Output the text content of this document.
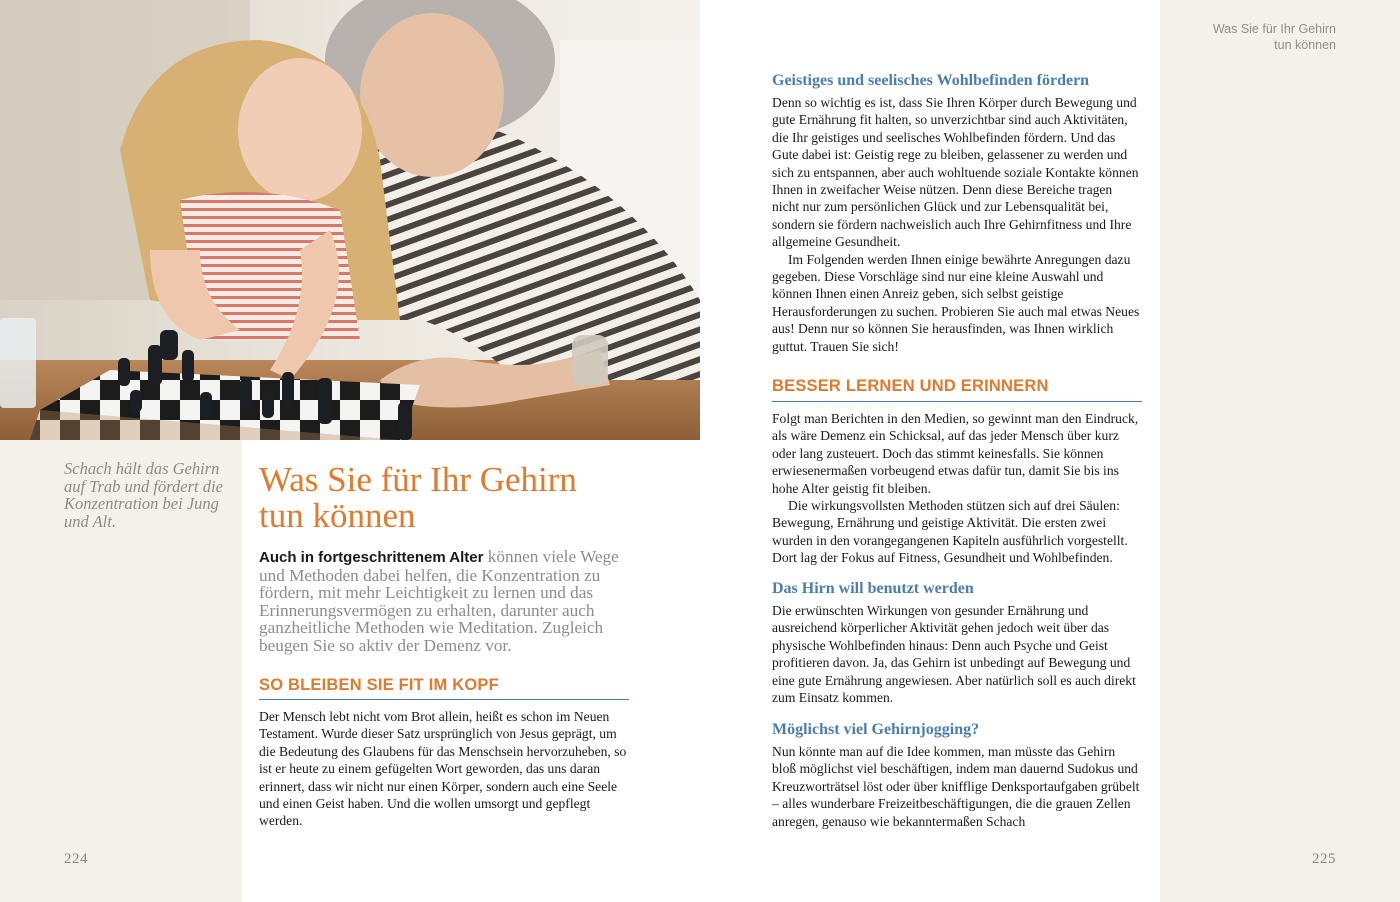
Schach hält das Gehirn auf Trab und fördert die Konzentration bei Jung und Alt.
Was Sie für Ihr Gehirn
tun können
Auch in fortgeschrittenem Alter können viele Wege und Methoden dabei helfen, die Konzentration zu fördern, mit mehr Leichtigkeit zu lernen und das Erinnerungsvermögen zu erhalten, darunter auch ganzheitliche Methoden wie Meditation. Zugleich beugen Sie so aktiv der Demenz vor.
SO BLEIBEN SIE FIT IM KOPF

Der Mensch lebt nicht vom Brot allein, heißt es schon im Neuen Testament. Wurde dieser Satz ursprünglich von Jesus geprägt, um die Bedeutung des Glaubens für das Menschsein hervorzuheben, so ist er heute zu einem gefügelten Wort geworden, das uns daran erinnert, dass wir nicht nur einen Körper, sondern auch eine Seele und einen Geist haben. Und die wollen umsorgt und gepflegt werden.

224
Was Sie für Ihr Gehirn
tun können
Geistiges und seelisches Wohlbefinden fördern

Denn so wichtig es ist, dass Sie Ihren Körper durch Bewegung und gute Ernährung fit halten, so unverzichtbar sind auch Aktivitäten, die Ihr geistiges und seelisches Wohlbefinden fördern. Und das Gute dabei ist: Geistig rege zu bleiben, gelassener zu werden und sich zu entspannen, aber auch wohltuende soziale Kontakte können Ihnen in zweifacher Weise nützen. Denn diese Bereiche tragen nicht nur zum persönlichen Glück und zur Lebensqualität bei, sondern sie fördern nachweislich auch Ihre Gehirnfitness und Ihre allgemeine Gesundheit.

Im Folgenden werden Ihnen einige bewährte Anregungen dazu gegeben. Diese Vorschläge sind nur eine kleine Auswahl und können Ihnen einen Anreiz geben, sich selbst geistige Herausforderungen zu suchen. Probieren Sie auch mal etwas Neues aus! Denn nur so können Sie herausfinden, was Ihnen wirklich guttut. Trauen Sie sich!

BESSER LERNEN UND ERINNERN

Folgt man Berichten in den Medien, so gewinnt man den Eindruck, als wäre Demenz ein Schicksal, auf das jeder Mensch über kurz oder lang zusteuert. Doch das stimmt keinesfalls. Sie können erwiesenermaßen vorbeugend etwas dafür tun, damit Sie bis ins hohe Alter geistig fit bleiben.

Die wirkungsvollsten Methoden stützen sich auf drei Säulen: Bewegung, Ernährung und geistige Aktivität. Die ersten zwei wurden in den vorangegangenen Kapiteln ausführlich vorgestellt. Dort lag der Fokus auf Fitness, Gesundheit und Wohlbefinden.

Das Hirn will benutzt werden

Die erwünschten Wirkungen von gesunder Ernährung und ausreichend körperlicher Aktivität gehen jedoch weit über das physische Wohlbefinden hinaus: Denn auch Psyche und Geist profitieren davon. Ja, das Gehirn ist unbedingt auf Bewegung und eine gute Ernährung angewiesen. Aber natürlich soll es auch direkt zum Einsatz kommen.

Möglichst viel Gehirnjogging?

Nun könnte man auf die Idee kommen, man müsste das Gehirn bloß möglichst viel beschäftigen, indem man dauernd Sudokus und Kreuzworträtsel löst oder über knifflige Denksportaufgaben grübelt – alles wunderbare Freizeitbeschäftigungen, die die grauen Zellen anregen, genauso wie bekanntermaßen Schach

225
